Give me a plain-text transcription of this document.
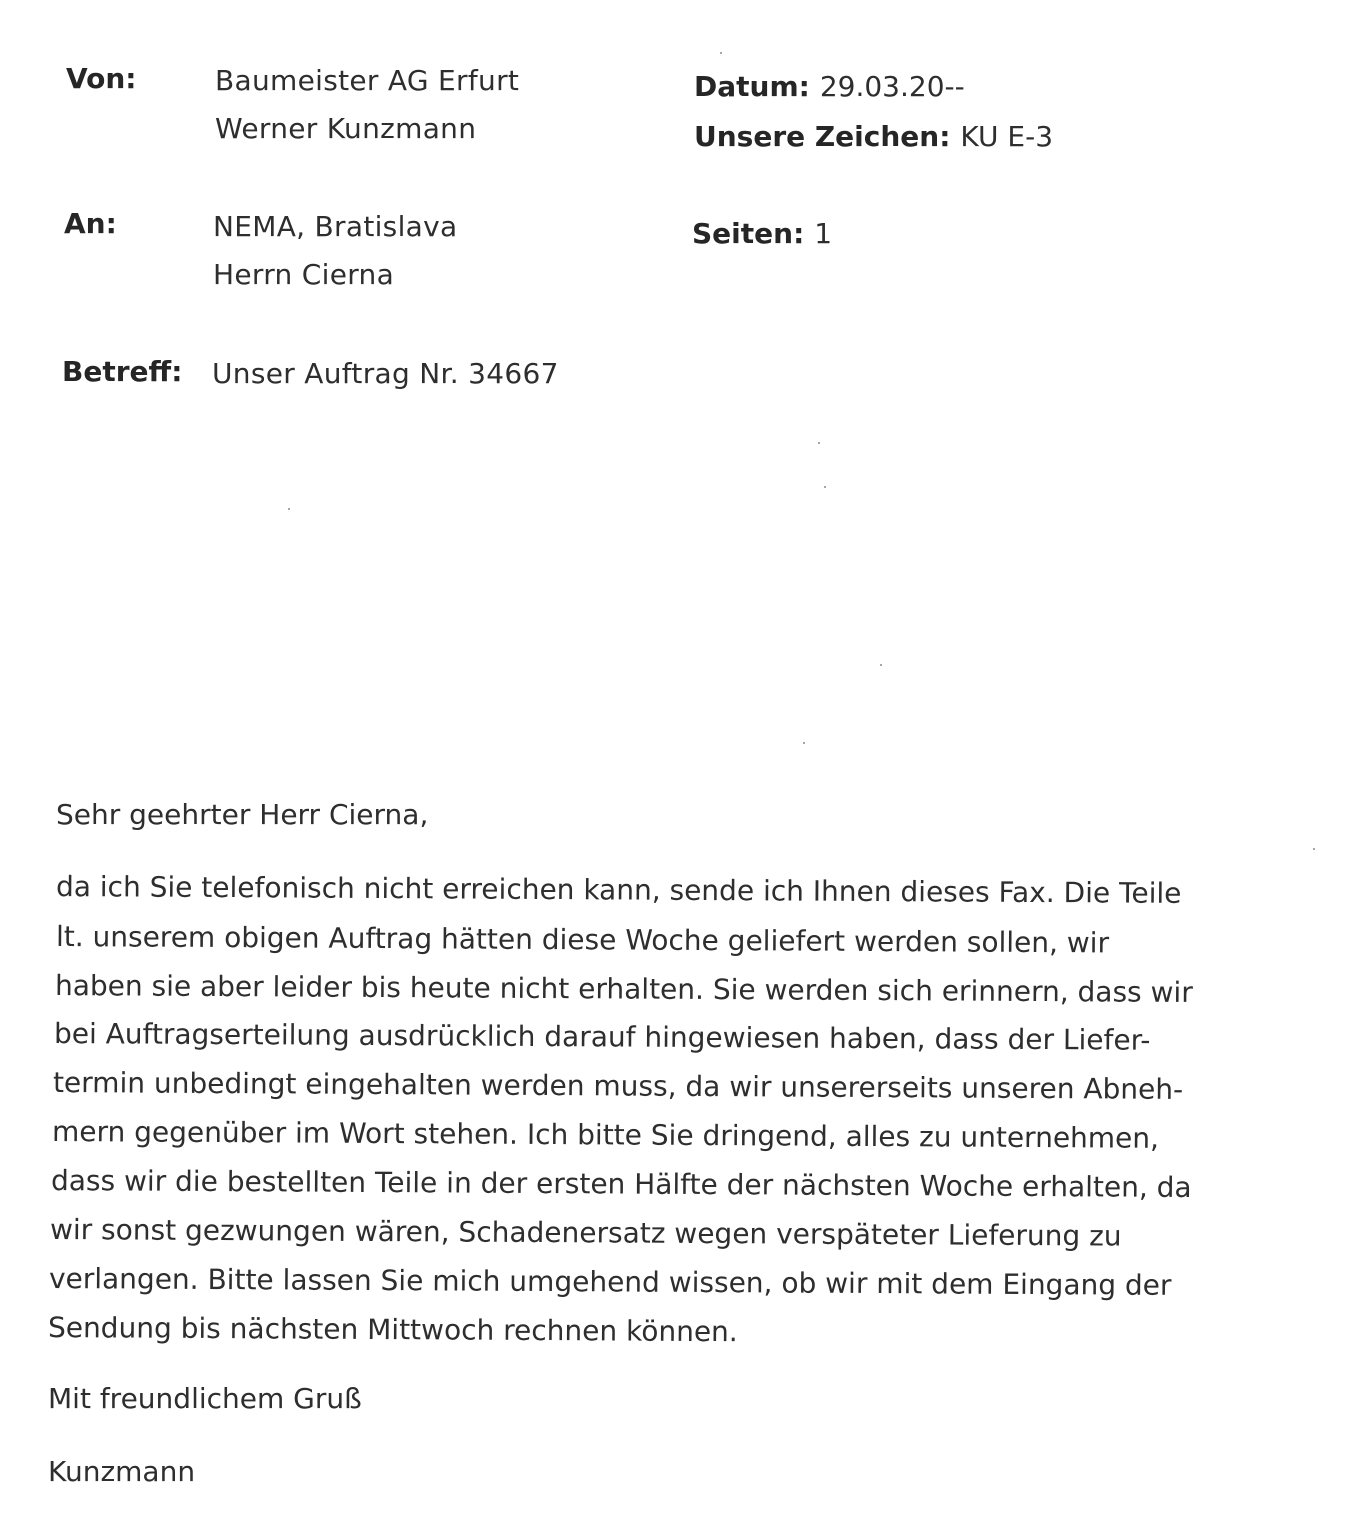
Von:	Baumeister AG Erfurt
Werner Kunzmann
An:	NEMA, Bratislava
Herrn Cierna
Betreff: Unser Auftrag Nr. 34667
Datum: 29.03.20--
Unsere Zeichen: KU E-3
Seiten: 1
Sehr geehrter Herr Cierna,
da ich Sie telefonisch nicht erreichen kann, sende ich Ihnen dieses Fax. Die Teile
lt. unserem obigen Auftrag hätten diese Woche geliefert werden sollen, wir
haben sie aber leider bis heute nicht erhalten. Sie werden sich erinnern, dass wir
bei Auftragserteilung ausdrücklich darauf hingewiesen haben, dass der Liefer-
termin unbedingt eingehalten werden muss, da wir unsererseits unseren Abneh-
mern gegenüber im Wort stehen. Ich bitte Sie dringend, alles zu unternehmen,
dass wir die bestellten Teile in der ersten Hälfte der nächsten Woche erhalten, da
wir sonst gezwungen wären, Schadenersatz wegen verspäteter Lieferung zu
verlangen. Bitte lassen Sie mich umgehend wissen, ob wir mit dem Eingang der
Sendung bis nächsten Mittwoch rechnen können.
Mit freundlichem Gruß
Kunzmann
